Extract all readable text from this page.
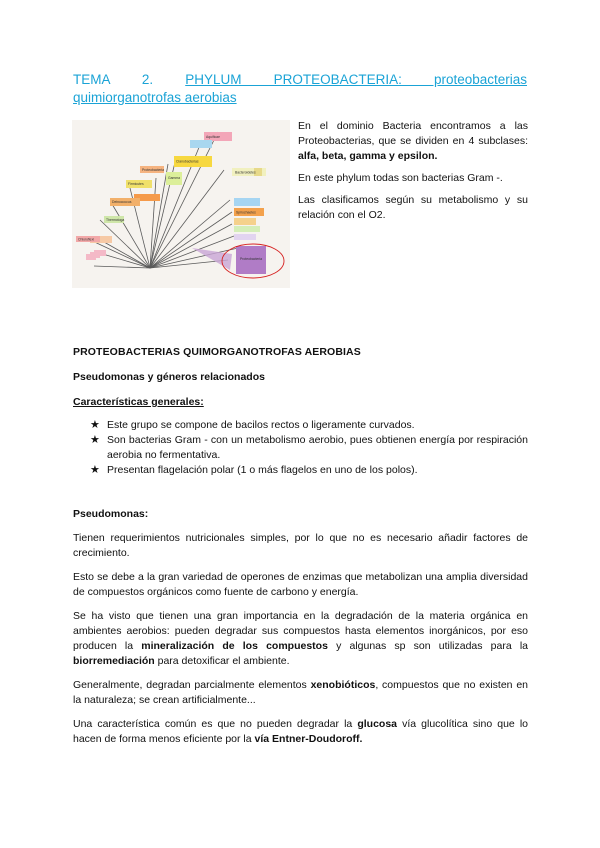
TEMA 2. PHYLUM PROTEOBACTERIA: proteobacterias
quimiorganotrofas aerobias
Cianobacterias
Proteobacteria
Gamma
Deinococcus
Thermotoga
Chloroflexi
Aquificae
Firmicutes
Bacteroidetes
Spirochaetes
Proteobacteria

En el dominio Bacteria encontramos a las Proteobacterias, que se dividen en 4 subclases: alfa, beta, gamma y epsilon.

En este phylum todas son bacterias Gram -.

Las clasificamos según su metabolismo y su relación con el O2.

PROTEOBACTERIAS QUIMORGANOTROFAS AEROBIAS
Pseudomonas y géneros relacionados
Características generales:
★ Este grupo se compone de bacilos rectos o ligeramente curvados.
★ Son bacterias Gram - con un metabolismo aerobio, pues obtienen energía por respiración aerobia no fermentativa.
★ Presentan flagelación polar (1 o más flagelos en uno de los polos).
Pseudomonas:

Tienen requerimientos nutricionales simples, por lo que no es necesario añadir factores de crecimiento.

Esto se debe a la gran variedad de operones de enzimas que metabolizan una amplia diversidad de compuestos orgánicos como fuente de carbono y energía.

Se ha visto que tienen una gran importancia en la degradación de la materia orgánica en ambientes aerobios: pueden degradar sus compuestos hasta elementos inorgánicos, por eso producen la mineralización de los compuestos y algunas sp son utilizadas para la biorremediación para detoxificar el ambiente.

Generalmente, degradan parcialmente elementos xenobióticos, compuestos que no existen en la naturaleza; se crean artificialmente...

Una característica común es que no pueden degradar la glucosa vía glucolítica sino que lo hacen de forma menos eficiente por la vía Entner-Doudoroff.
